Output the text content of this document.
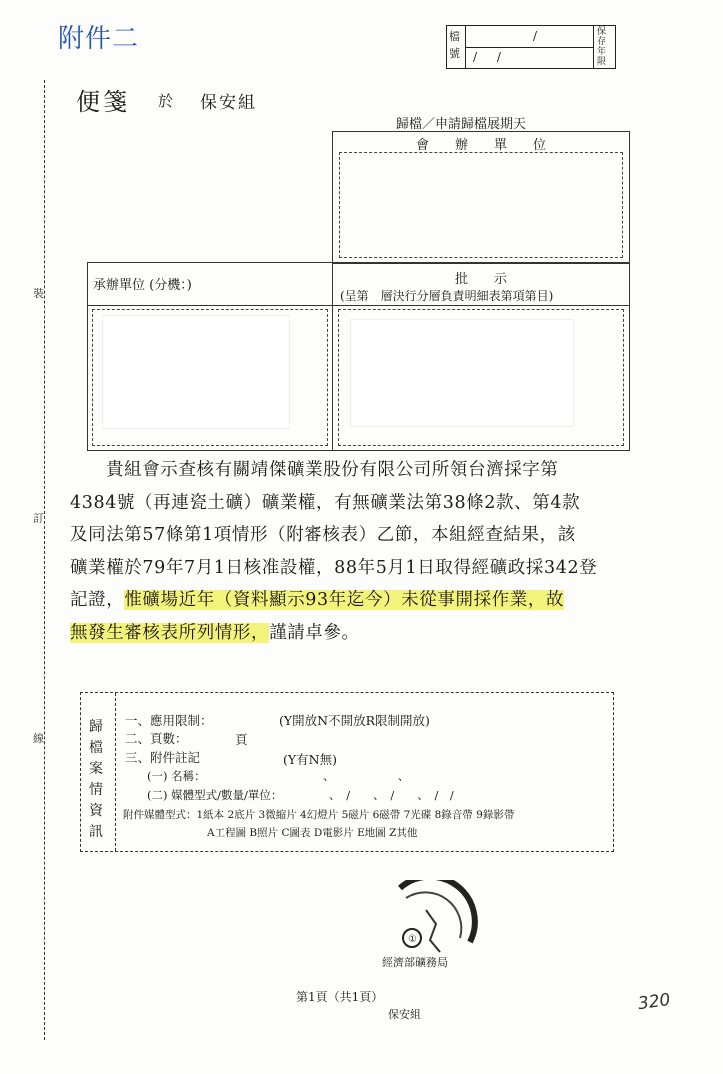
附件二	檔號
/
/ /
保存年限
裝
訂
線
便箋 於 保安組
歸檔／申請歸檔展期天
會　　辦　　單　　位
承辦單位 (分機：)	批　　示
(呈第　層決行分層負責明細表第項第目)
貴組會示查核有關靖傑礦業股份有限公司所領台濟採字第
4384號（再連瓷土礦）礦業權，有無礦業法第38條2款、第4款
及同法第57條第1項情形（附審核表）乙節，本組經查結果，該
礦業權於79年7月1日核准設權，88年5月1日取得經礦政採342登
記證，惟礦場近年（資料顯示93年迄今）未從事開採作業，故
無發生審核表所列情形，謹請卓參。
歸檔案情資訊
一、應用限制：	(Y開放N不開放R限制開放)
二、頁數：	頁
三、附件註記	(Y有N無)
(一) 名稱：	、　　　　　　、
(二) 媒體型式/數量/單位：	、　/　　、　/　　、　/　/
附件媒體型式：1紙本 2底片 3微縮片 4幻燈片 5磁片 6磁帶 7光碟 8錄音帶 9錄影帶
A工程圖 B照片 C圖表 D電影片 E地圖 Z其他
①
經濟部礦務局
第1頁（共1頁）
保安組
320
